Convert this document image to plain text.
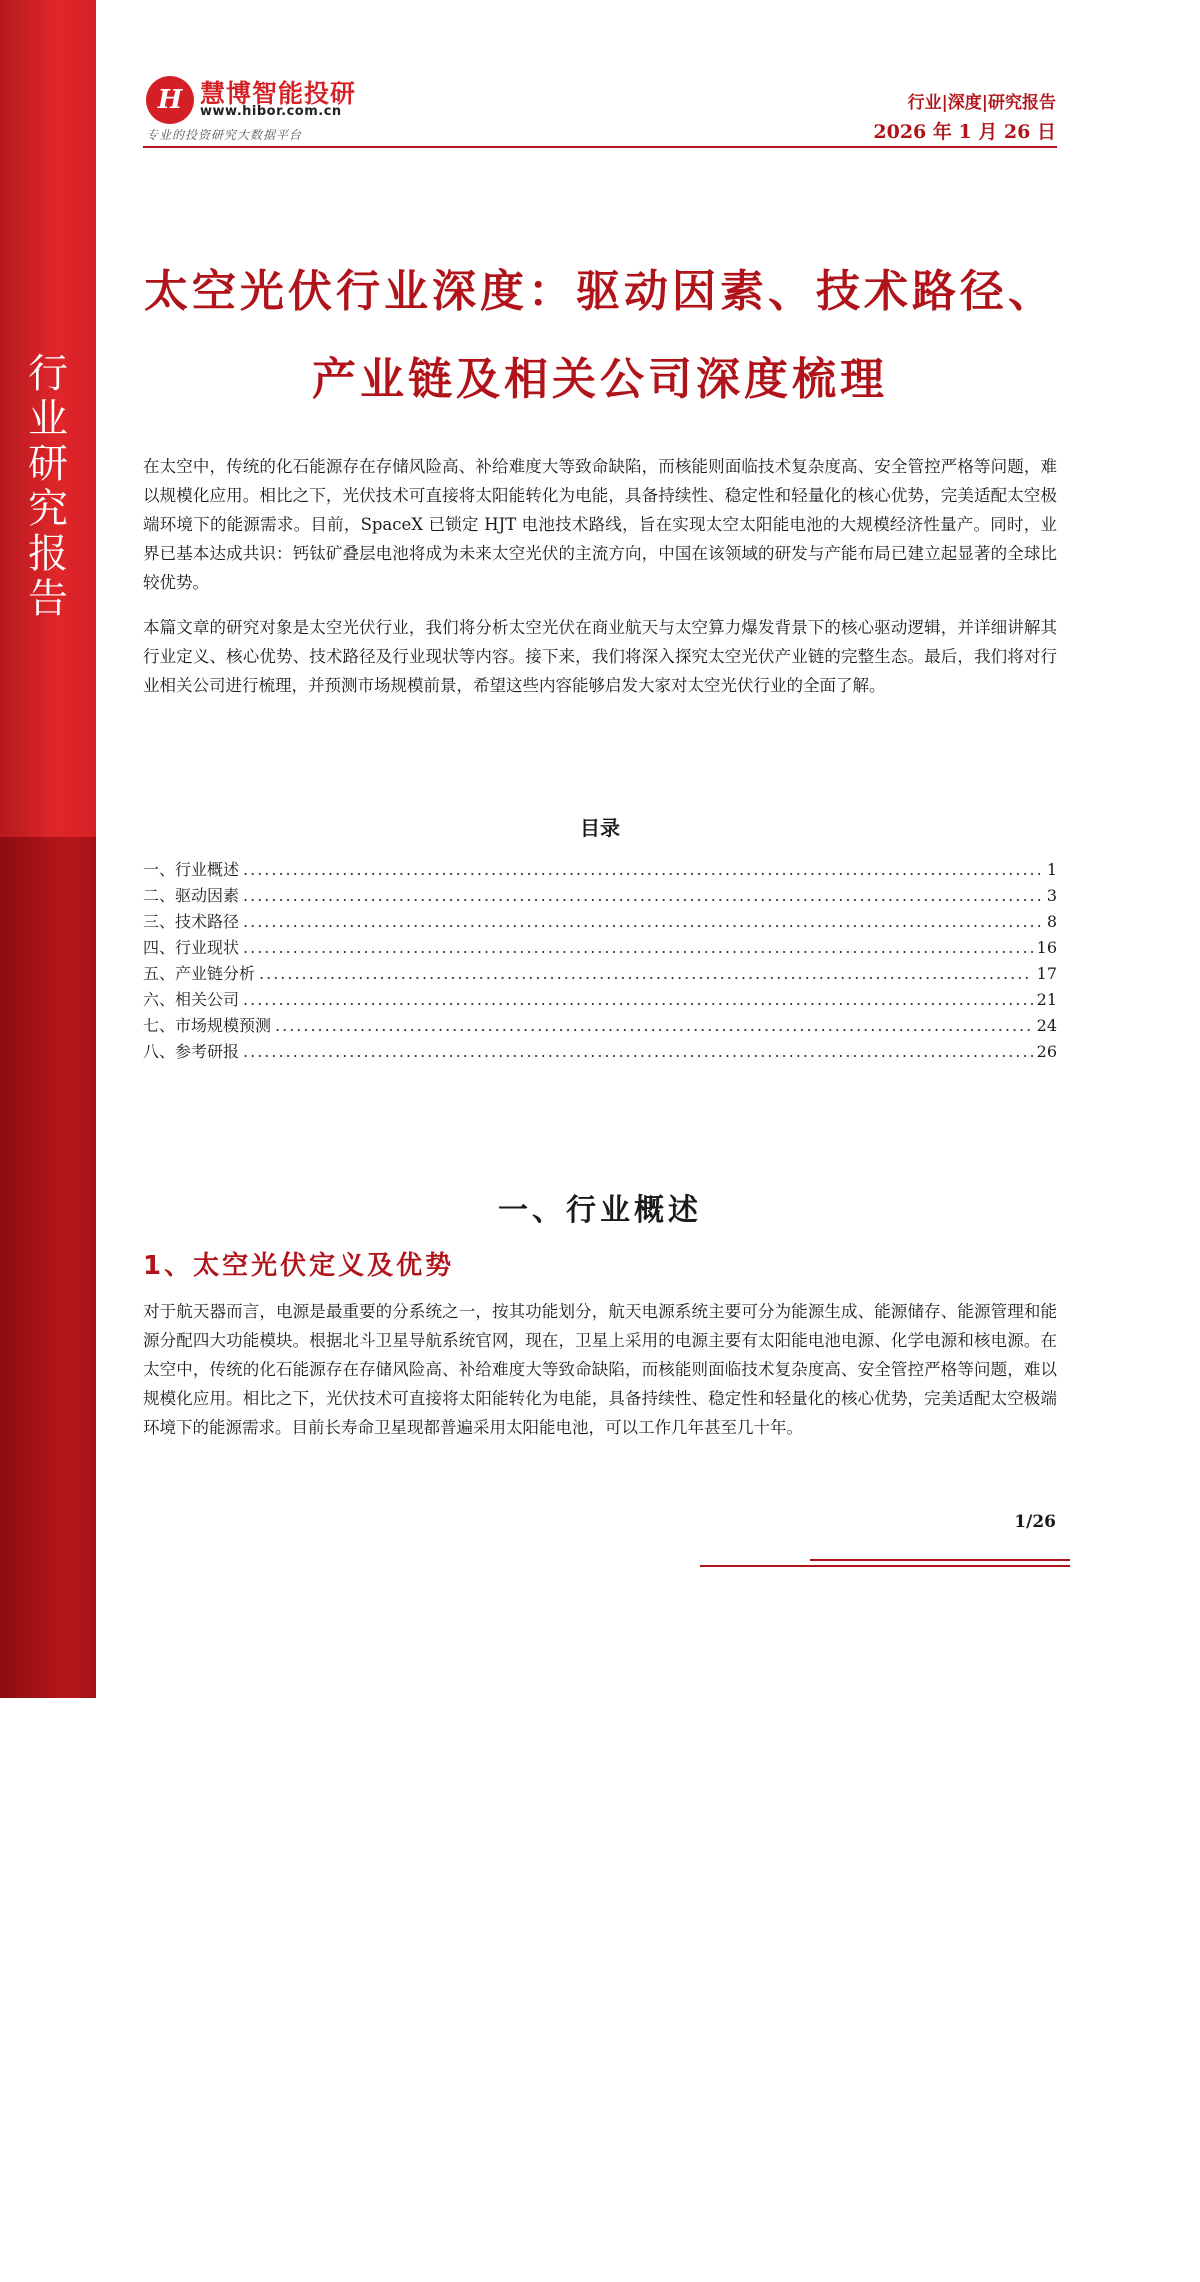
行业研究报告
慧博智能投研
H 慧博智能投研
www.hibor.com.cn
专业的投资研究大数据平台
行业|深度|研究报告
2026 年 1 月 26 日
太空光伏行业深度：驱动因素、技术路径、
产业链及相关公司深度梳理

在太空中，传统的化石能源存在存储风险高、补给难度大等致命缺陷，而核能则面临技术复杂度高、安全管控严格等问题，难以规模化应用。相比之下，光伏技术可直接将太阳能转化为电能，具备持续性、稳定性和轻量化的核心优势，完美适配太空极端环境下的能源需求。目前，SpaceX 已锁定 HJT 电池技术路线，旨在实现太空太阳能电池的大规模经济性量产。同时，业界已基本达成共识：钙钛矿叠层电池将成为未来太空光伏的主流方向，中国在该领域的研发与产能布局已建立起显著的全球比较优势。

本篇文章的研究对象是太空光伏行业，我们将分析太空光伏在商业航天与太空算力爆发背景下的核心驱动逻辑，并详细讲解其行业定义、核心优势、技术路径及行业现状等内容。接下来，我们将深入探究太空光伏产业链的完整生态。最后，我们将对行业相关公司进行梳理，并预测市场规模前景，希望这些内容能够启发大家对太空光伏行业的全面了解。

目录
一、行业概述 .....	1
二、驱动因素 .....	3
三、技术路径 .....	8
四、行业现状 .....	16
五、产业链分析 .....	17
六、相关公司 .....	21
七、市场规模预测 .....	24
八、参考研报 .....	26
一、行业概述
1、太空光伏定义及优势

对于航天器而言，电源是最重要的分系统之一，按其功能划分，航天电源系统主要可分为能源生成、能源储存、能源管理和能源分配四大功能模块。根据北斗卫星导航系统官网，现在，卫星上采用的电源主要有太阳能电池电源、化学电源和核电源。在太空中，传统的化石能源存在存储风险高、补给难度大等致命缺陷，而核能则面临技术复杂度高、安全管控严格等问题，难以规模化应用。相比之下，光伏技术可直接将太阳能转化为电能，具备持续性、稳定性和轻量化的核心优势，完美适配太空极端环境下的能源需求。目前长寿命卫星现都普遍采用太阳能电池，可以工作几年甚至几十年。

1/26
